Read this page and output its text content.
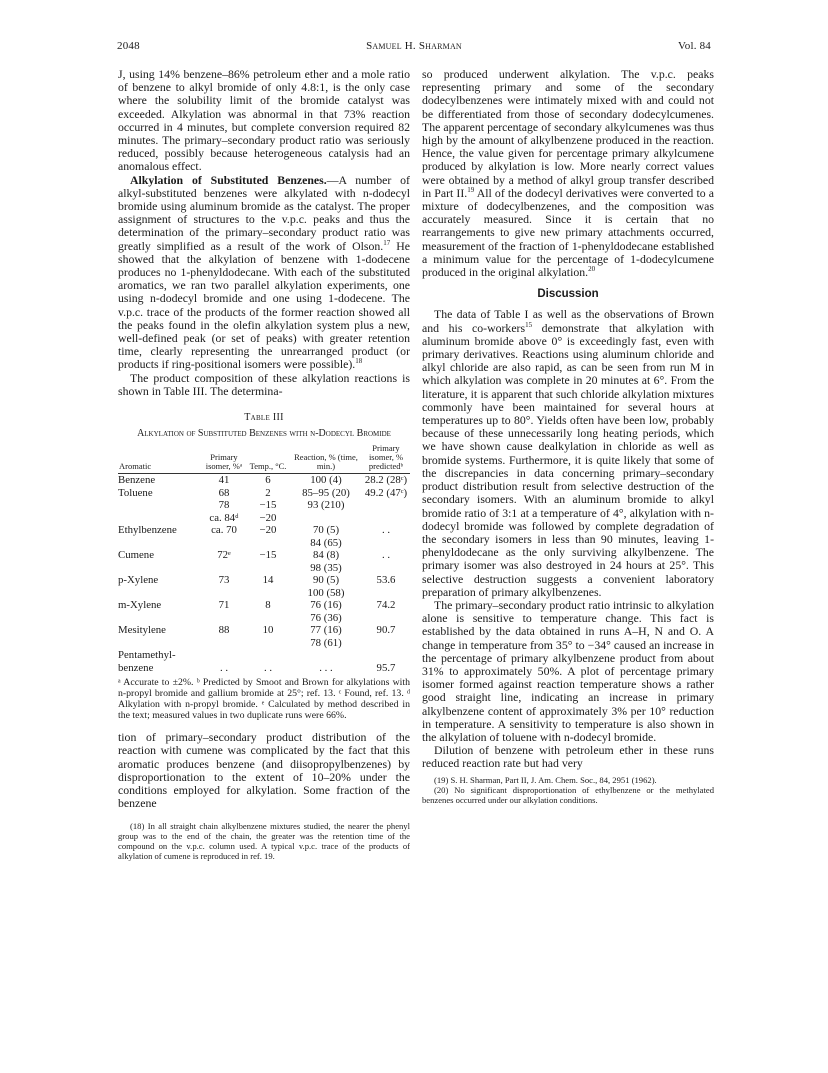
2048	Samuel H. Sharman	Vol. 84

J, using 14% benzene–86% petroleum ether and a mole ratio of benzene to alkyl bromide of only 4.8:1, is the only case where the solubility limit of the bromide catalyst was exceeded. Alkylation was abnormal in that 73% reaction occurred in 4 minutes, but complete conversion required 82 minutes. The primary–secondary product ratio was seriously reduced, possibly because heterogeneous catalysis had an anomalous effect.

Alkylation of Substituted Benzenes.—A number of alkyl-substituted benzenes were alkylated with n-dodecyl bromide using aluminum bromide as the catalyst. The proper assignment of structures to the v.p.c. peaks and thus the determination of the primary–secondary product ratio was greatly simplified as a result of the work of Olson.$^{17}$ He showed that the alkylation of benzene with 1-dodecene produces no 1-phenyldodecane. With each of the substituted aromatics, we ran two parallel alkylation experiments, one using n-dodecyl bromide and one using 1-dodecene. The v.p.c. trace of the products of the former reaction showed all the peaks found in the olefin alkylation system plus a new, well-defined peak (or set of peaks) with greater retention time, clearly representing the unrearranged product (or products if ring-positional isomers were possible).$^{18}$

The product composition of these alkylation reactions is shown in Table III. The determina-

Table III
Alkylation of Substituted Benzenes with n-Dodecyl Bromide
Aromatic	Primary isomer, %ᵃ	Temp., °C.	Reaction, % (time, min.)	Primary isomer, % predictedᵇ
Benzene	41	6	100 (4)	28.2 (28ᶜ)
Toluene	68	2	85–95 (20)	49.2 (47ᶜ)
	78	−15	93 (210)	
	ca. 84ᵈ	−20		
Ethylbenzene	ca. 70	−20	70 (5)	. .
			84 (65)	
Cumene	72ᵉ	−15	84 (8)	. .
			98 (35)	
p-Xylene	73	14	90 (5)	53.6
			100 (58)	
m-Xylene	71	8	76 (16)	74.2
			76 (36)	
Mesitylene	88	10	77 (16)	90.7
			78 (61)	
Pentamethyl-				
benzene	. .	. .	. . .	95.7
ᵃ Accurate to ±2%. ᵇ Predicted by Smoot and Brown for alkylations with n-propyl bromide and gallium bromide at 25°; ref. 13. ᶜ Found, ref. 13. ᵈ Alkylation with n-propyl bromide. ᵉ Calculated by method described in the text; measured values in two duplicate runs were 66%.

tion of primary–secondary product distribution of the reaction with cumene was complicated by the fact that this aromatic produces benzene (and diisopropylbenzenes) by disproportionation to the extent of 10–20% under the conditions employed for alkylation. Some fraction of the benzene

(18) In all straight chain alkylbenzene mixtures studied, the nearer the phenyl group was to the end of the chain, the greater was the retention time of the compound on the v.p.c. column used. A typical v.p.c. trace of the products of alkylation of cumene is reproduced in ref. 19.

so produced underwent alkylation. The v.p.c. peaks representing primary and some of the secondary dodecylbenzenes were intimately mixed with and could not be differentiated from those of secondary dodecylcumenes. The apparent percentage of secondary alkylcumenes was thus high by the amount of alkylbenzene produced in the reaction. Hence, the value given for percentage primary alkylcumene produced by alkylation is low. More nearly correct values were obtained by a method of alkyl group transfer described in Part II.$^{19}$ All of the dodecyl derivatives were converted to a mixture of dodecylbenzenes, and the composition was accurately measured. Since it is certain that no rearrangements to give new primary attachments occurred, measurement of the fraction of 1-phenyldodecane established a minimum value for the percentage of 1-dodecylcumene produced in the original alkylation.$^{20}$

Discussion

The data of Table I as well as the observations of Brown and his co-workers$^{15}$ demonstrate that alkylation with aluminum bromide above 0° is exceedingly fast, even with primary derivatives. Reactions using aluminum chloride and alkyl chloride are also rapid, as can be seen from run M in which alkylation was complete in 20 minutes at 6°. From the literature, it is apparent that such chloride alkylation mixtures commonly have been maintained for several hours at temperatures up to 80°. Yields often have been low, probably because of these unnecessarily long heating periods, which we have shown cause dealkylation in chloride as well as bromide systems. Furthermore, it is quite likely that some of the discrepancies in data concerning primary–secondary product distribution result from selective destruction of the secondary isomers. With an aluminum bromide to alkyl bromide ratio of 3:1 at a temperature of 4°, alkylation with n-dodecyl bromide was followed by complete degradation of the secondary isomers in less than 90 minutes, leaving 1-phenyldodecane as the only surviving alkylbenzene. The primary isomer was also destroyed in 24 hours at 25°. This selective destruction suggests a convenient laboratory preparation of primary alkylbenzenes.

The primary–secondary product ratio intrinsic to alkylation alone is sensitive to temperature change. This fact is established by the data obtained in runs A–H, N and O. A change in temperature from 35° to −34° caused an increase in the percentage of primary alkylbenzene product from about 31% to approximately 50%. A plot of percentage primary isomer formed against reaction temperature shows a rather good straight line, indicating an increase in primary alkylbenzene content of approximately 3% per 10° reduction in temperature. A sensitivity to temperature is also shown in the alkylation of toluene with n-dodecyl bromide.

Dilution of benzene with petroleum ether in these runs reduced reaction rate but had very

(19) S. H. Sharman, Part II, J. Am. Chem. Soc., 84, 2951 (1962).

(20) No significant disproportionation of ethylbenzene or the methylated benzenes occurred under our alkylation conditions.
